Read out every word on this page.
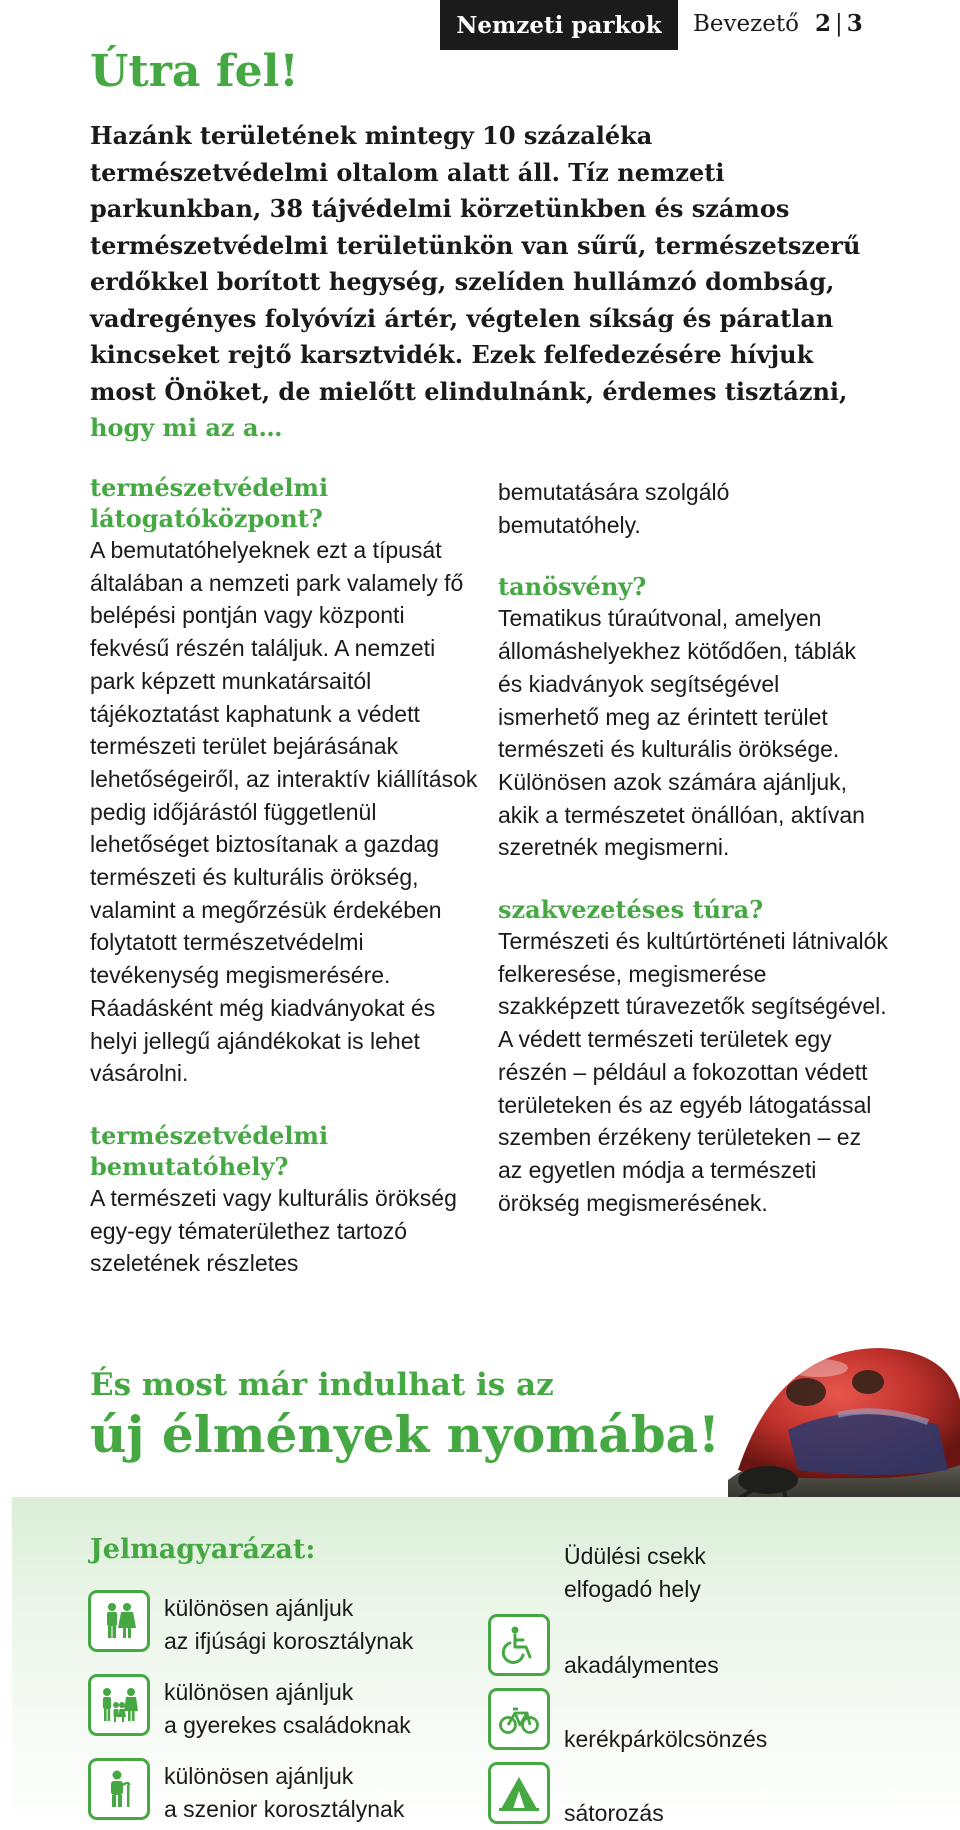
Nemzeti parkok Bevezető 2 | 3
Útra fel!

Hazánk területének mintegy 10 százaléka természetvédelmi oltalom alatt áll. Tíz nemzeti parkunkban, 38 tájvédelmi körzetünkben és számos természetvédelmi területünkön van sűrű, természetszerű erdőkkel borított hegység, szelíden hullámzó dombság, vadregényes folyóvízi ártér, végtelen síkság és páratlan kincseket rejtő karsztvidék. Ezek felfedezésére hívjuk most Önöket, de mielőtt elindulnánk, érdemes tisztázni,
hogy mi az a…

természetvédelmi látogatóközpont?

A bemutatóhelyeknek ezt a típusát általában a nemzeti park valamely fő belépési pontján vagy központi fekvésű részén találjuk. A nemzeti park képzett munkatársaitól tájékoztatást kaphatunk a védett természeti terület bejárásának lehetőségeiről, az interaktív kiállítások pedig időjárástól függetlenül lehetőséget biztosítanak a gazdag természeti és kulturális örökség, valamint a megőrzésük érdekében folytatott természetvédelmi tevékenység megismerésére. Ráadásként még kiadványokat és helyi jellegű ajándékokat is lehet vásárolni.

természetvédelmi bemutatóhely?

A természeti vagy kulturális örökség egy-egy tématerülethez tartozó szeletének részletes

bemutatására szolgáló bemutatóhely.

tanösvény?

Tematikus túraútvonal, amelyen állomáshelyekhez kötődően, táblák és kiadványok segítségével ismerhető meg az érintett terület természeti és kulturális öröksége. Különösen azok számára ajánljuk, akik a természetet önállóan, aktívan szeretnék megismerni.

szakvezetéses túra?

Természeti és kultúrtörténeti látnivalók felkeresése, megismerése szakképzett túravezetők segítségével. A védett természeti területek egy részén – például a fokozottan védett területeken és az egyéb látogatással szemben érzékeny területeken – ez az egyetlen módja a természeti örökség megismerésének.

És most már indulhat is az
új élmények nyomába!

Jelmagyarázat:
különösen ajánljuk
az ifjúsági korosztálynak
különösen ajánljuk
a gyerekes családoknak
különösen ajánljuk
a szenior korosztálynak
Üdülési csekk
elfogadó hely
akadálymentes
kerékpárkölcsönzés
sátorozás
